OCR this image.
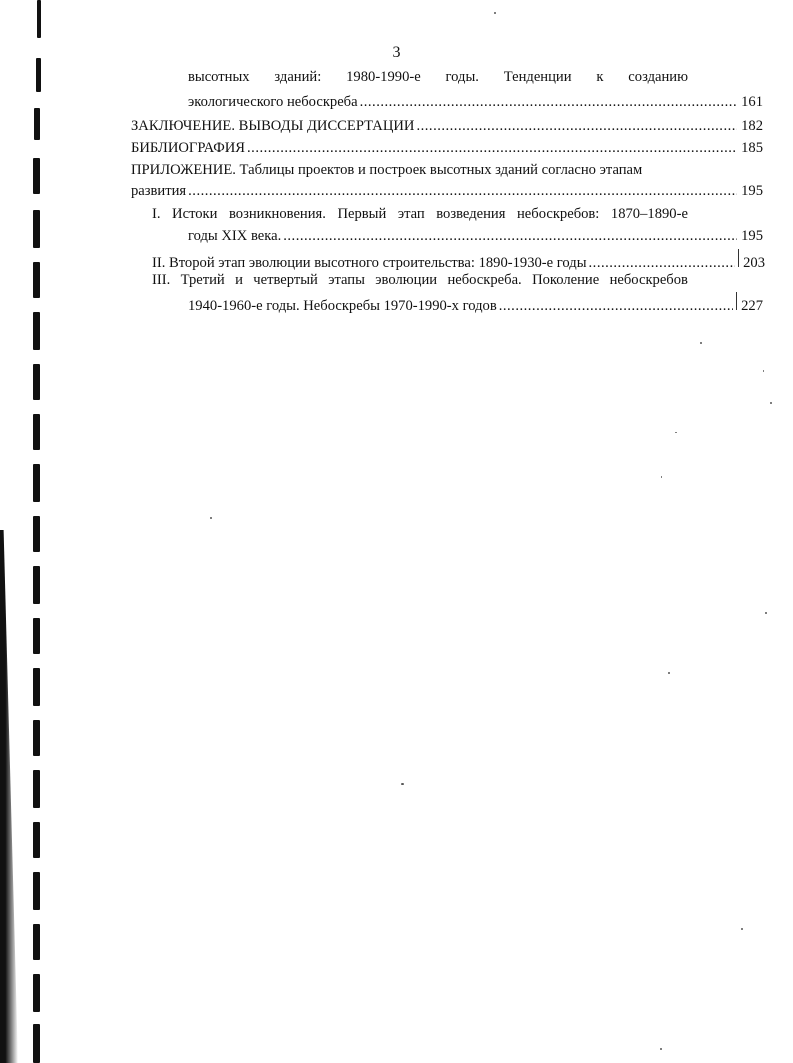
3
высотных зданий: 1980-1990-е годы. Тенденции к созданию
экологического небоскреба .....	161
ЗАКЛЮЧЕНИЕ. ВЫВОДЫ ДИССЕРТАЦИИ .....	182
БИБЛИОГРАФИЯ .....	185
ПРИЛОЖЕНИЕ. Таблицы проектов и построек высотных зданий согласно этапам
развития .....	195
I. Истоки возникновения. Первый этап возведения небоскребов: 1870–1890-е
годы XIX века. .....	195
II. Второй этап эволюции высотного строительства: 1890-1930-е годы .....	203
III. Третий и четвертый этапы эволюции небоскреба. Поколение небоскребов
1940-1960-е годы. Небоскребы 1970-1990-х годов .....	227
